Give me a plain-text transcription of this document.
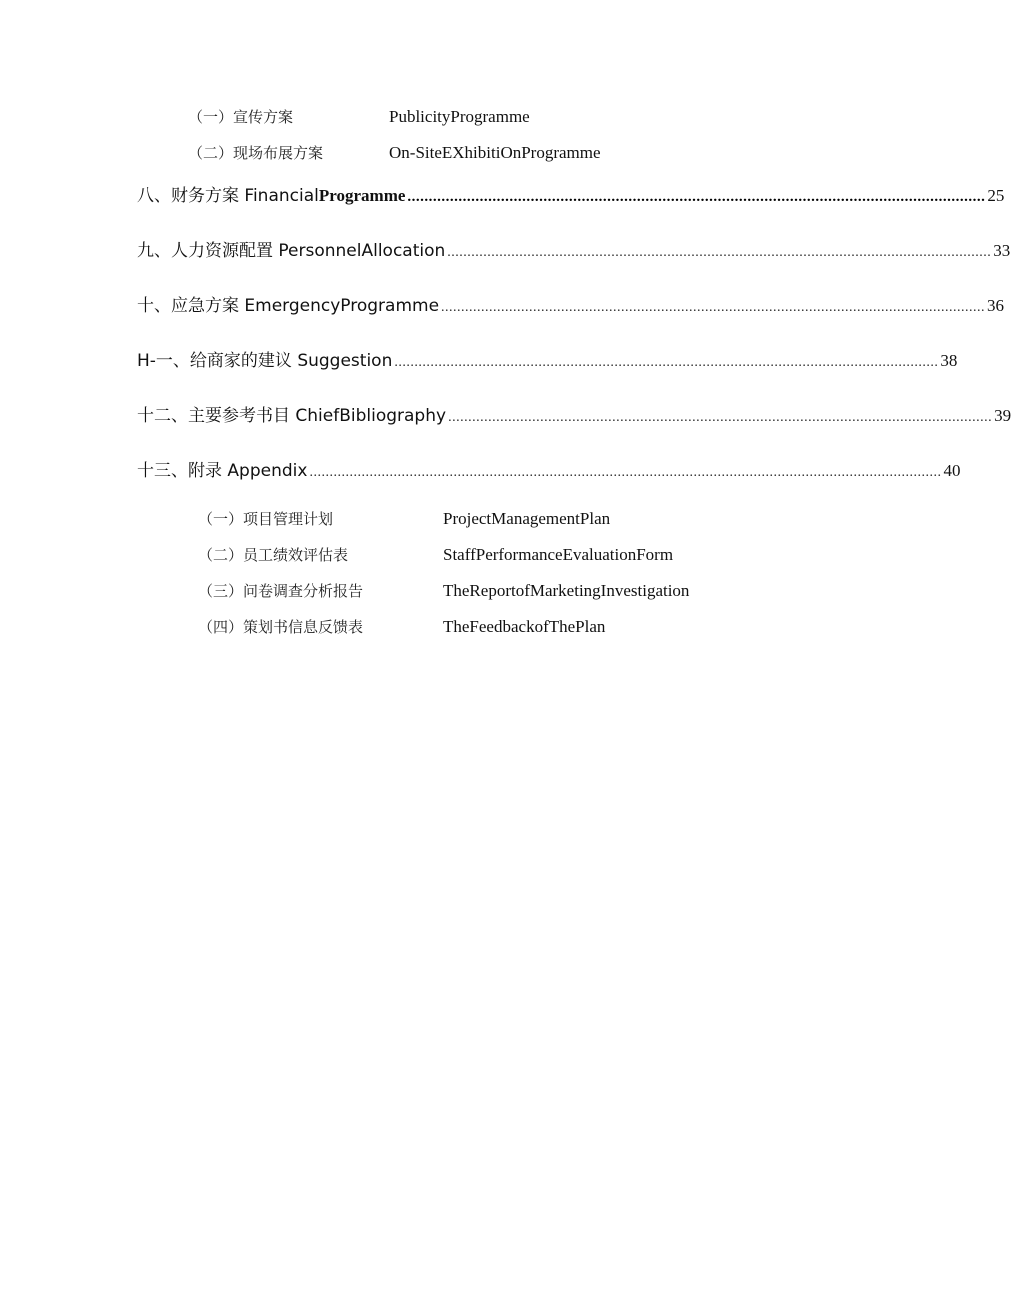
（一）宣传方案	PublicityProgramme
（二）现场布展方案	On-SiteEXhibitiOnProgramme
八、财务方案 FinancialProgramme ........................................................................................................................................ 25
九、人力资源配置 PersonnelAllocation ........................................................................................................................................ 33
十、应急方案 EmergencyProgramme ........................................................................................................................................ 36
H-一、给商家的建议 Suggestion ........................................................................................................................................ 38
十二、主要参考书目 ChiefBibliography ........................................................................................................................................ 39
十三、附录 Appendix .............................................................................................................................................................. 40
（一）项目管理计划	ProjectManagementPlan
（二）员工绩效评估表	StaffPerformanceEvaluationForm
（三）问卷调查分析报告	TheReportofMarketingInvestigation
（四）策划书信息反馈表	TheFeedbackofThePlan
